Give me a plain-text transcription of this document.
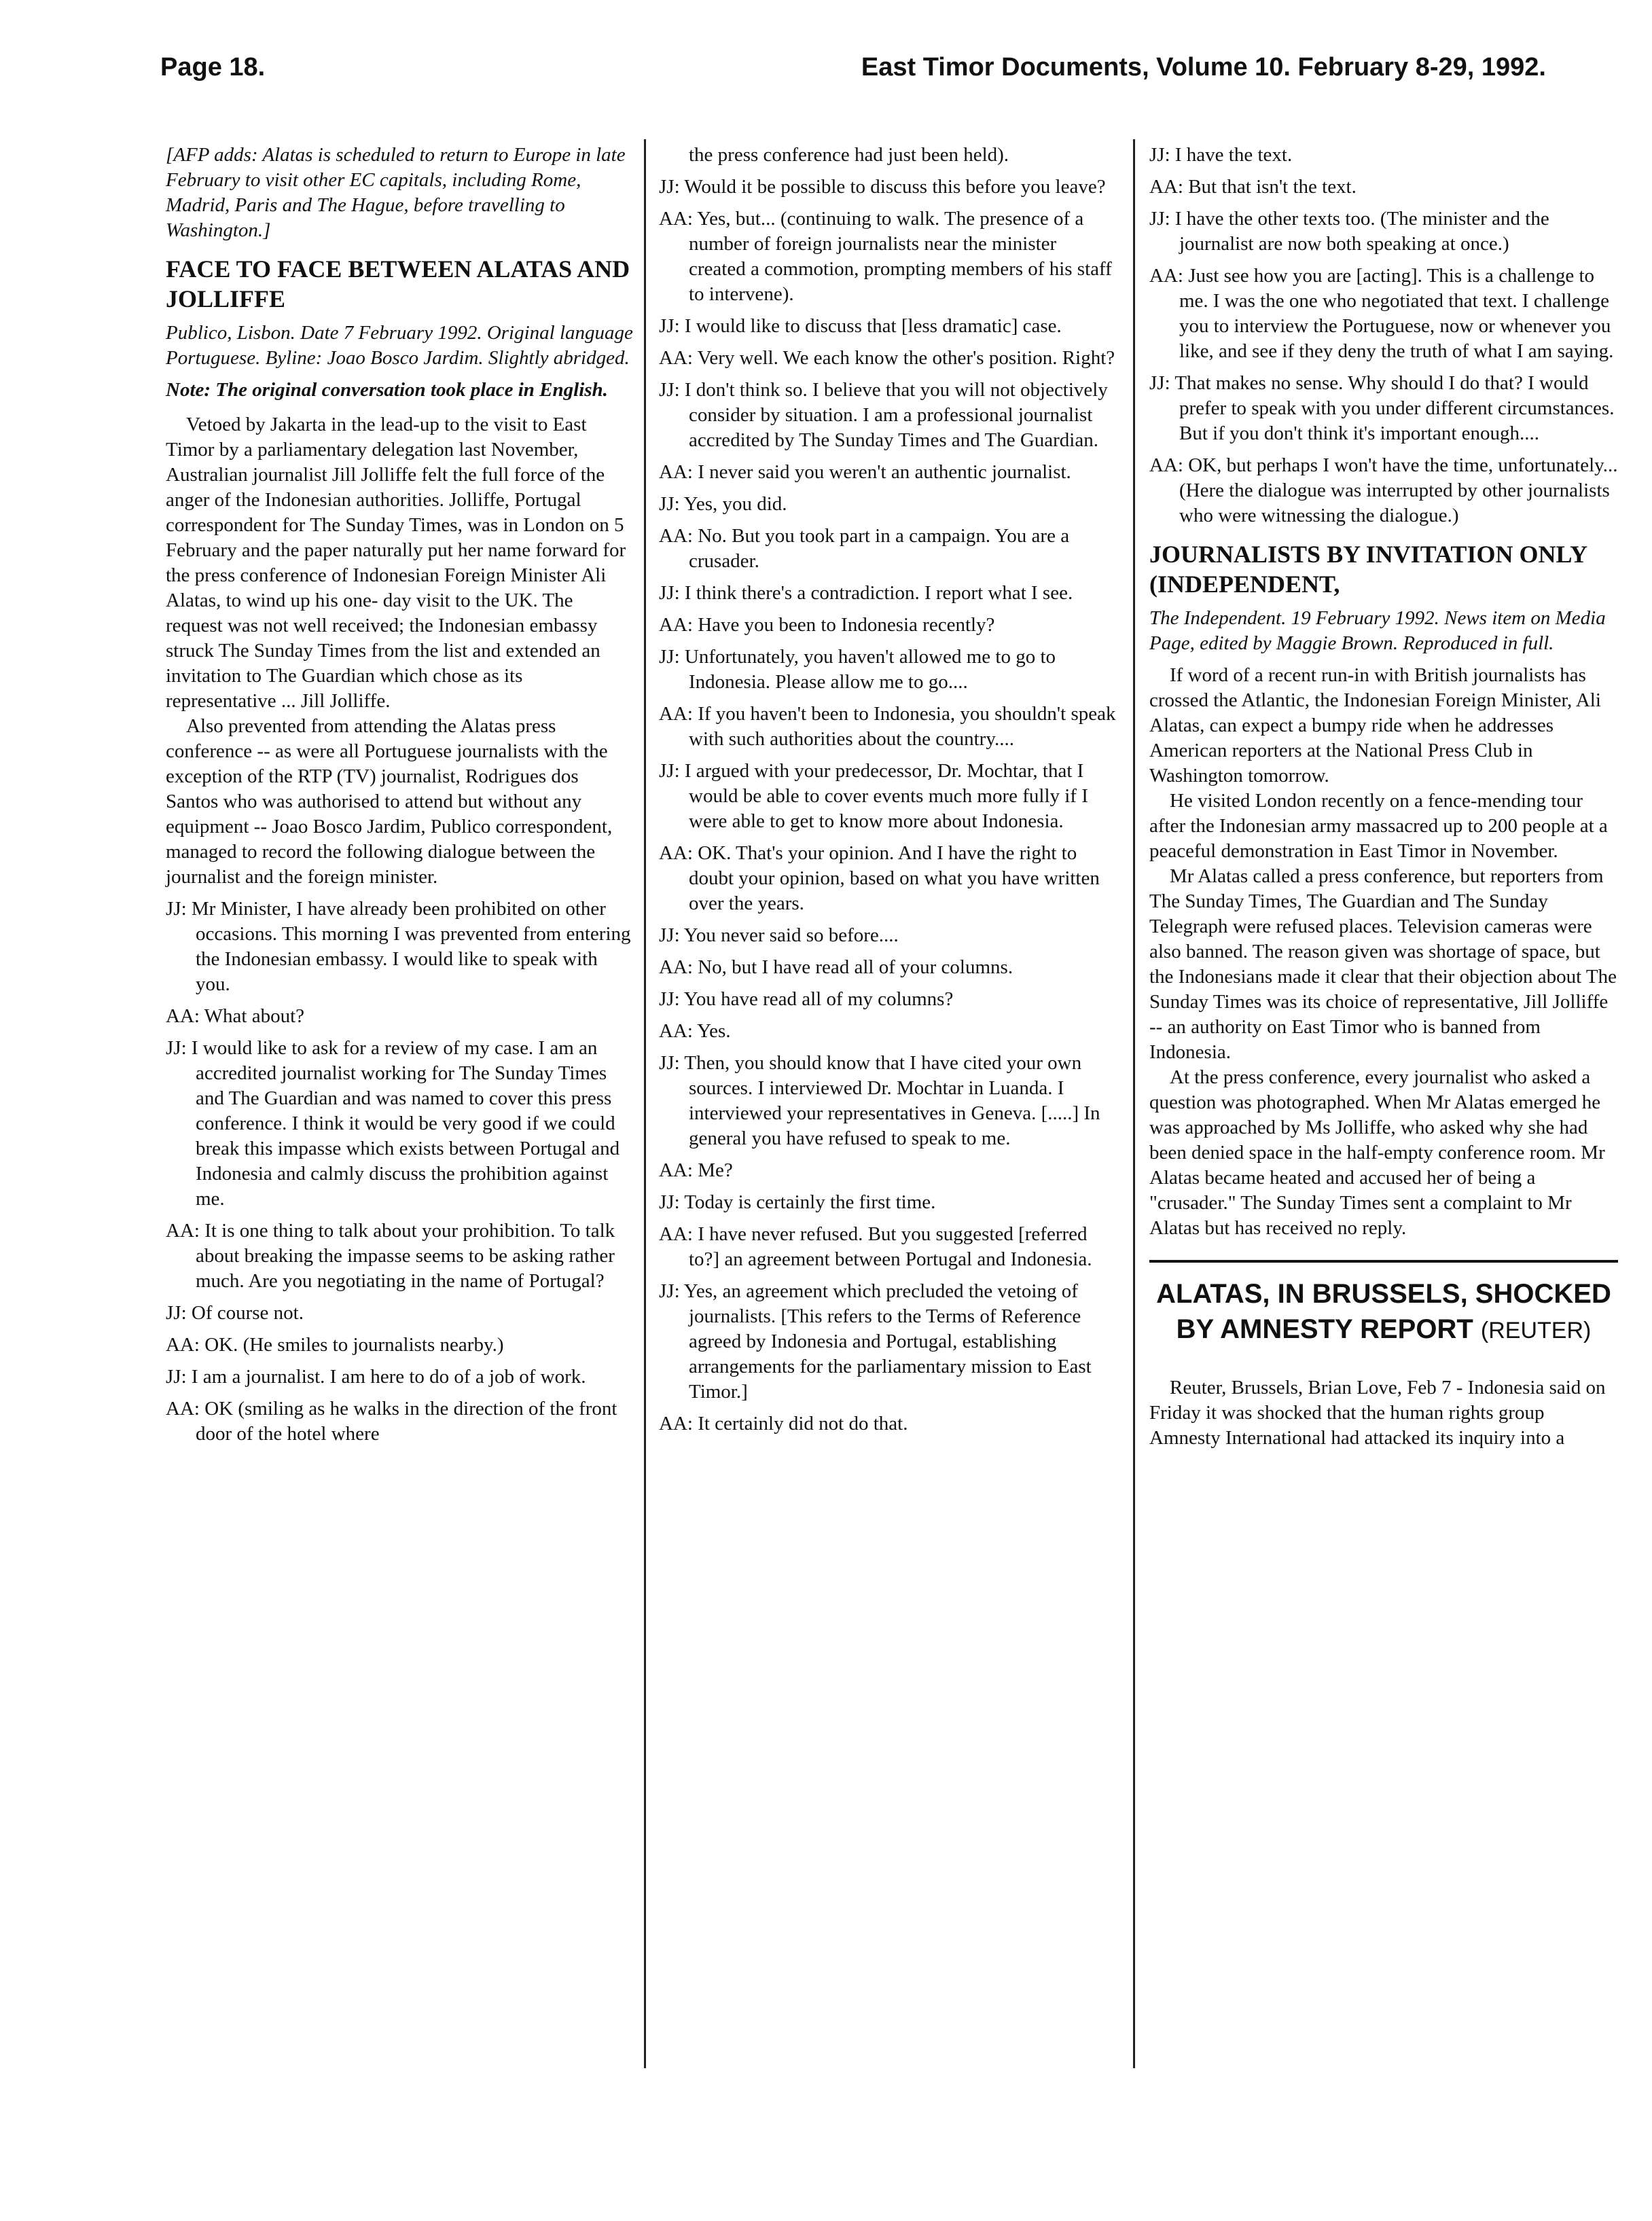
Page 18.	East Timor Documents, Volume 10. February 8-29, 1992.

[AFP adds: Alatas is scheduled to return to Europe in late February to visit other EC capitals, including Rome, Madrid, Paris and The Hague, before travelling to Washington.]

FACE TO FACE BETWEEN ALATAS AND JOLLIFFE

Publico, Lisbon. Date 7 February 1992. Original language Portuguese. Byline: Joao Bosco Jardim. Slightly abridged.

Note: The original conversation took place in English.

Vetoed by Jakarta in the lead-up to the visit to East Timor by a parliamentary delegation last November, Australian journalist Jill Jolliffe felt the full force of the anger of the Indonesian authorities. Jolliffe, Portugal correspondent for The Sunday Times, was in London on 5 February and the paper naturally put her name forward for the press conference of Indonesian Foreign Minister Ali Alatas, to wind up his one- day visit to the UK. The request was not well received; the Indonesian embassy struck The Sunday Times from the list and extended an invitation to The Guardian which chose as its representative ... Jill Jolliffe.

Also prevented from attending the Alatas press conference -- as were all Portuguese journalists with the exception of the RTP (TV) journalist, Rodrigues dos Santos who was authorised to attend but without any equipment -- Joao Bosco Jardim, Publico correspondent, managed to record the following dialogue between the journalist and the foreign minister.

JJ: Mr Minister, I have already been prohibited on other occasions. This morning I was prevented from entering the Indonesian embassy. I would like to speak with you.

AA: What about?

JJ: I would like to ask for a review of my case. I am an accredited journalist working for The Sunday Times and The Guardian and was named to cover this press conference. I think it would be very good if we could break this impasse which exists between Portugal and Indonesia and calmly discuss the prohibition against me.

AA: It is one thing to talk about your prohibition. To talk about breaking the impasse seems to be asking rather much. Are you negotiating in the name of Portugal?

JJ: Of course not.

AA: OK. (He smiles to journalists nearby.)

JJ: I am a journalist. I am here to do of a job of work.

AA: OK (smiling as he walks in the direction of the front door of the hotel where

the press conference had just been held).

JJ: Would it be possible to discuss this before you leave?

AA: Yes, but... (continuing to walk. The presence of a number of foreign journalists near the minister created a commotion, prompting members of his staff to intervene).

JJ: I would like to discuss that [less dramatic] case.

AA: Very well. We each know the other's position. Right?

JJ: I don't think so. I believe that you will not objectively consider by situation. I am a professional journalist accredited by The Sunday Times and The Guardian.

AA: I never said you weren't an authentic journalist.

JJ: Yes, you did.

AA: No. But you took part in a campaign. You are a crusader.

JJ: I think there's a contradiction. I report what I see.

AA: Have you been to Indonesia recently?

JJ: Unfortunately, you haven't allowed me to go to Indonesia. Please allow me to go....

AA: If you haven't been to Indonesia, you shouldn't speak with such authorities about the country....

JJ: I argued with your predecessor, Dr. Mochtar, that I would be able to cover events much more fully if I were able to get to know more about Indonesia.

AA: OK. That's your opinion. And I have the right to doubt your opinion, based on what you have written over the years.

JJ: You never said so before....

AA: No, but I have read all of your columns.

JJ: You have read all of my columns?

AA: Yes.

JJ: Then, you should know that I have cited your own sources. I interviewed Dr. Mochtar in Luanda. I interviewed your representatives in Geneva. [.....] In general you have refused to speak to me.

AA: Me?

JJ: Today is certainly the first time.

AA: I have never refused. But you suggested [referred to?] an agreement between Portugal and Indonesia.

JJ: Yes, an agreement which precluded the vetoing of journalists. [This refers to the Terms of Reference agreed by Indonesia and Portugal, establishing arrangements for the parliamentary mission to East Timor.]

AA: It certainly did not do that.

JJ: I have the text.

AA: But that isn't the text.

JJ: I have the other texts too. (The minister and the journalist are now both speaking at once.)

AA: Just see how you are [acting]. This is a challenge to me. I was the one who negotiated that text. I challenge you to interview the Portuguese, now or whenever you like, and see if they deny the truth of what I am saying.

JJ: That makes no sense. Why should I do that? I would prefer to speak with you under different circumstances. But if you don't think it's important enough....

AA: OK, but perhaps I won't have the time, unfortunately... (Here the dialogue was interrupted by other journalists who were witnessing the dialogue.)

JOURNALISTS BY INVITATION ONLY (INDEPENDENT,

The Independent. 19 February 1992. News item on Media Page, edited by Maggie Brown. Reproduced in full.

If word of a recent run-in with British journalists has crossed the Atlantic, the Indonesian Foreign Minister, Ali Alatas, can expect a bumpy ride when he addresses American reporters at the National Press Club in Washington tomorrow.

He visited London recently on a fence-mending tour after the Indonesian army massacred up to 200 people at a peaceful demonstration in East Timor in November.

Mr Alatas called a press conference, but reporters from The Sunday Times, The Guardian and The Sunday Telegraph were refused places. Television cameras were also banned. The reason given was shortage of space, but the Indonesians made it clear that their objection about The Sunday Times was its choice of representative, Jill Jolliffe -- an authority on East Timor who is banned from Indonesia.

At the press conference, every journalist who asked a question was photographed. When Mr Alatas emerged he was approached by Ms Jolliffe, who asked why she had been denied space in the half-empty conference room. Mr Alatas became heated and accused her of being a "crusader." The Sunday Times sent a complaint to Mr Alatas but has received no reply.

ALATAS, IN BRUSSELS, SHOCKED BY AMNESTY REPORT (REUTER)

Reuter, Brussels, Brian Love, Feb 7 - Indonesia said on Friday it was shocked that the human rights group Amnesty International had attacked its inquiry into a
